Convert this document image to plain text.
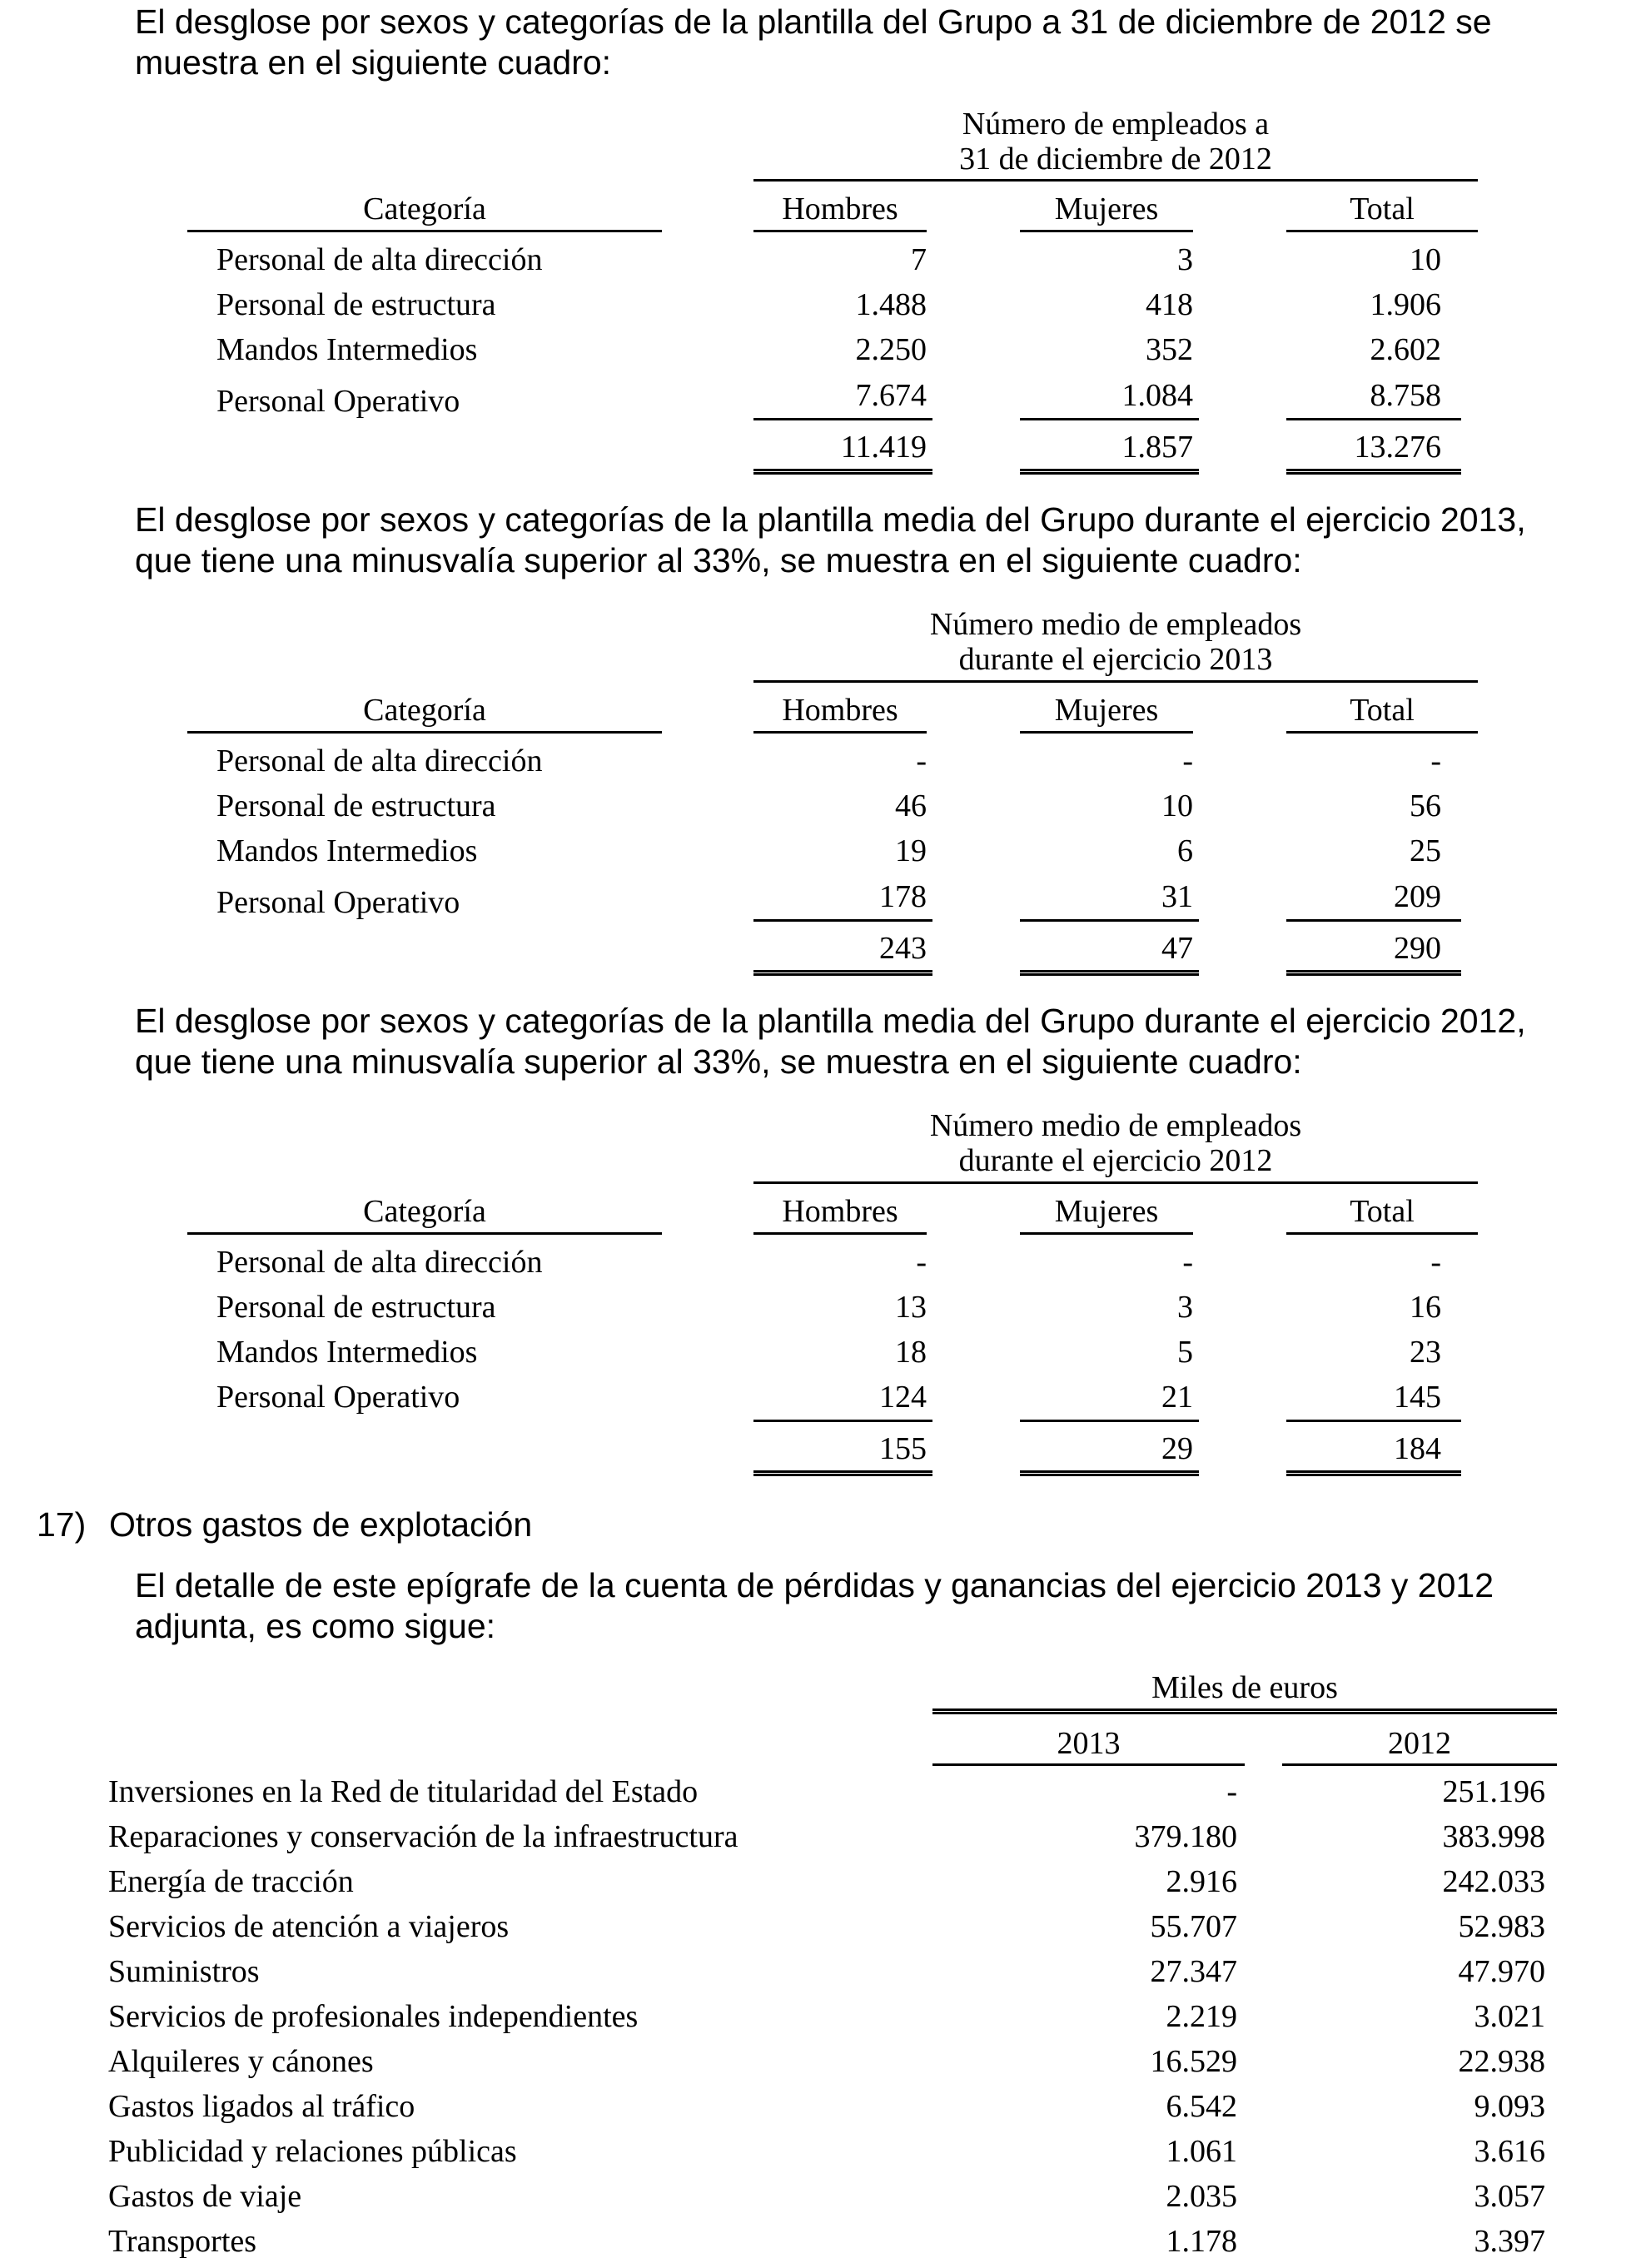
El desglose por sexos y categorías de la plantilla del Grupo a 31 de diciembre de 2012 se
muestra en el siguiente cuadro:
Número de empleados a
31 de diciembre de 2012
Categoría	Hombres	Mujeres	Total
Personal de alta dirección	7	3	10
Personal de estructura	1.488	418	1.906
Mandos Intermedios	2.250	352	2.602
Personal Operativo	7.674	1.084	8.758
11.419	1.857	13.276
El desglose por sexos y categorías de la plantilla media del Grupo durante el ejercicio 2013,
que tiene una minusvalía superior al 33%, se muestra en el siguiente cuadro:
Número medio de empleados
durante el ejercicio 2013
Categoría	Hombres	Mujeres	Total
Personal de alta dirección	-	-	-
Personal de estructura	46	10	56
Mandos Intermedios	19	6	25
Personal Operativo	178	31	209
243	47	290
El desglose por sexos y categorías de la plantilla media del Grupo durante el ejercicio 2012,
que tiene una minusvalía superior al 33%, se muestra en el siguiente cuadro:
Número medio de empleados
durante el ejercicio 2012
Categoría	Hombres	Mujeres	Total
Personal de alta dirección	-	-	-
Personal de estructura	13	3	16
Mandos Intermedios	18	5	23
Personal Operativo	124	21	145
155	29	184
17) Otros gastos de explotación
El detalle de este epígrafe de la cuenta de pérdidas y ganancias del ejercicio 2013 y 2012
adjunta, es como sigue:
Miles de euros
2013	2012
Inversiones en la Red de titularidad del Estado	-	251.196
Reparaciones y conservación de la infraestructura	379.180	383.998
Energía de tracción	2.916	242.033
Servicios de atención a viajeros	55.707	52.983
Suministros	27.347	47.970
Servicios de profesionales independientes	2.219	3.021
Alquileres y cánones	16.529	22.938
Gastos ligados al tráfico	6.542	9.093
Publicidad y relaciones públicas	1.061	3.616
Gastos de viaje	2.035	3.057
Transportes	1.178	3.397
